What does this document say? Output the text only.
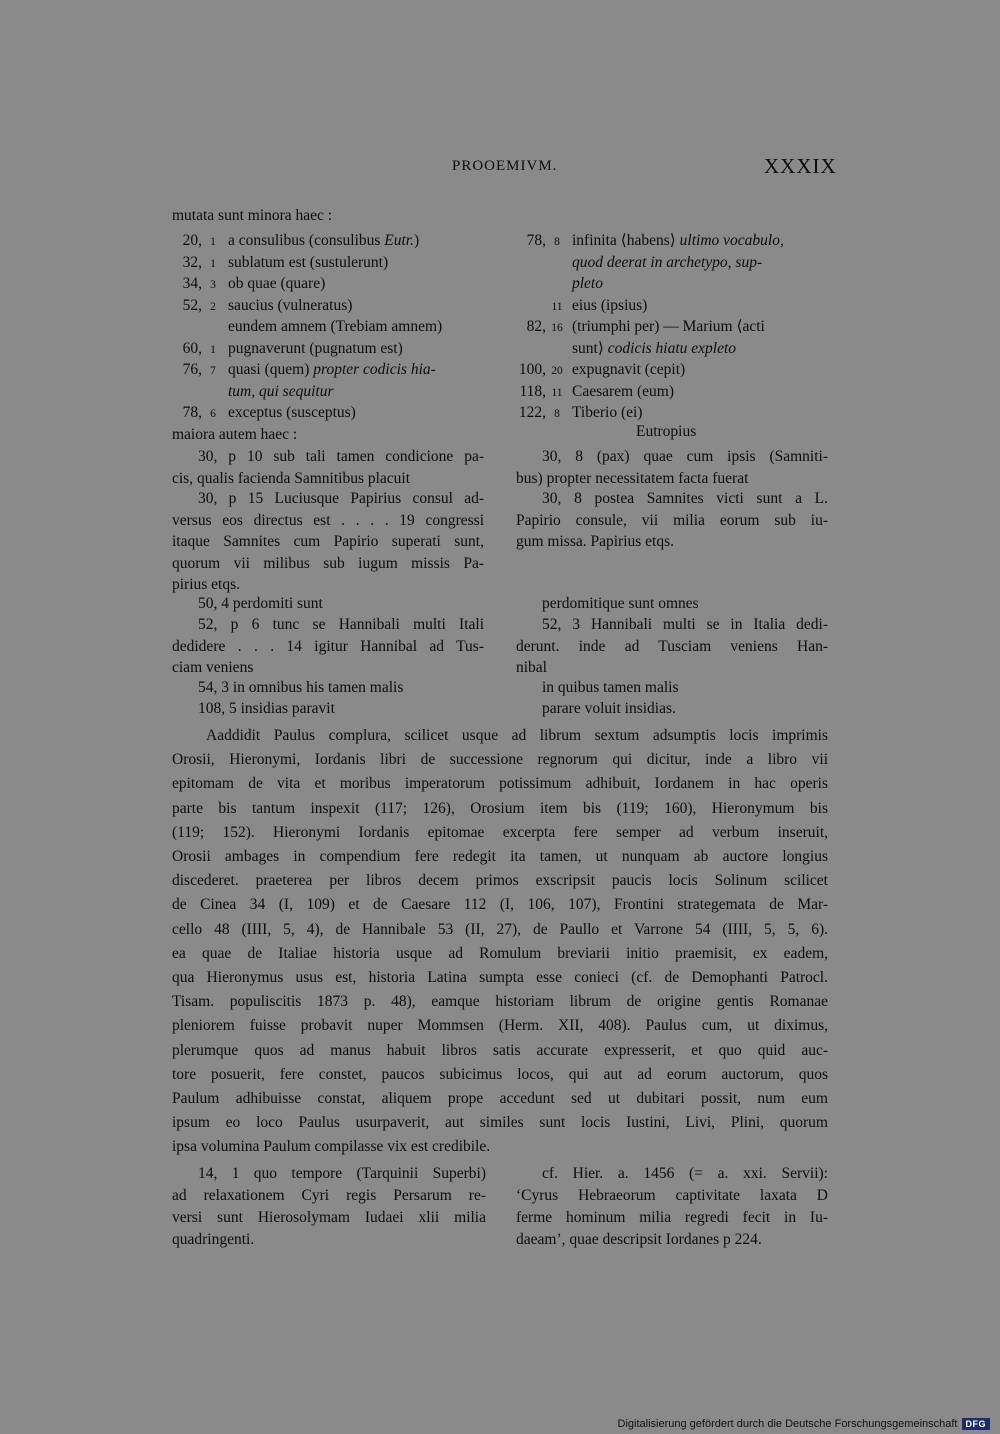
PROOEMIVM.	XXXIX
mutata sunt minora haec :
20, 1 a consulibus (consulibus Eutr.)
32, 1 sublatum est (sustulerunt)
34, 3 ob quae (quare)
52, 2 saucius (vulneratus)
eundem amnem (Trebiam amnem)
60, 1 pugnaverunt (pugnatum est)
76, 7 quasi (quem) propter codicis hia-
tum, qui sequitur
78, 6 exceptus (susceptus)
78, 8 infinita ⟨habens⟩ ultimo vocabulo,
quod deerat in archetypo, sup-
pleto
11 eius (ipsius)
82, 16 (triumphi per) — Marium ⟨acti
sunt⟩ codicis hiatu expleto
100, 20 expugnavit (cepit)
118, 11 Caesarem (eum)
122, 8 Tiberio (ei)
maiora autem haec :	Eutropius
30, p 10 sub tali tamen condicione pa-
cis, qualis facienda Samnitibus placuit
30, p 15 Luciusque Papirius consul ad-
versus eos directus est . . . . 19 congressi
itaque Samnites cum Papirio superati sunt,
quorum vii milibus sub iugum missis Pa-
pirius etqs.
50, 4 perdomiti sunt
52, p 6 tunc se Hannibali multi Itali
dedidere . . . 14 igitur Hannibal ad Tus-
ciam veniens
54, 3 in omnibus his tamen malis
108, 5 insidias paravit
30, 8 (pax) quae cum ipsis (Samniti-
bus) propter necessitatem facta fuerat
30, 8 postea Samnites victi sunt a L.
Papirio consule, vii milia eorum sub iu-
gum missa. Papirius etqs.
perdomitique sunt omnes
52, 3 Hannibali multi se in Italia dedi-
derunt. inde ad Tusciam veniens Han-
nibal
in quibus tamen malis
parare voluit insidias.
Aaddidit Paulus complura, scilicet usque ad librum sextum adsumptis locis imprimis
Orosii, Hieronymi, Iordanis libri de successione regnorum qui dicitur, inde a libro vii
epitomam de vita et moribus imperatorum potissimum adhibuit, Iordanem in hac operis
parte bis tantum inspexit (117; 126), Orosium item bis (119; 160), Hieronymum bis
(119; 152). Hieronymi Iordanis epitomae excerpta fere semper ad verbum inseruit,
Orosii ambages in compendium fere redegit ita tamen, ut nunquam ab auctore longius
discederet. praeterea per libros decem primos exscripsit paucis locis Solinum scilicet
de Cinea 34 (I, 109) et de Caesare 112 (I, 106, 107), Frontini strategemata de Mar-
cello 48 (IIII, 5, 4), de Hannibale 53 (II, 27), de Paullo et Varrone 54 (IIII, 5, 5, 6).
ea quae de Italiae historia usque ad Romulum breviarii initio praemisit, ex eadem,
qua Hieronymus usus est, historia Latina sumpta esse conieci (cf. de Demophanti Patrocl.
Tisam. populiscitis 1873 p. 48), eamque historiam librum de origine gentis Romanae
pleniorem fuisse probavit nuper Mommsen (Herm. XII, 408). Paulus cum, ut diximus,
plerumque quos ad manus habuit libros satis accurate expresserit, et quo quid auc-
tore posuerit, fere constet, paucos subicimus locos, qui aut ad eorum auctorum, quos
Paulum adhibuisse constat, aliquem prope accedunt sed ut dubitari possit, num eum
ipsum eo loco Paulus usurpaverit, aut similes sunt locis Iustini, Livi, Plini, quorum
ipsa volumina Paulum compilasse vix est credibile.
14, 1 quo tempore (Tarquinii Superbi)
ad relaxationem Cyri regis Persarum re-
versi sunt Hierosolymam Iudaei xlii milia
quadringenti.
cf. Hier. a. 1456 (= a. xxi. Servii):
‘Cyrus Hebraeorum captivitate laxata D
ferme hominum milia regredi fecit in Iu-
daeam’, quae descripsit Iordanes p 224.
Digitalisierung gefördert durch die Deutsche Forschungsgemeinschaft DFG
